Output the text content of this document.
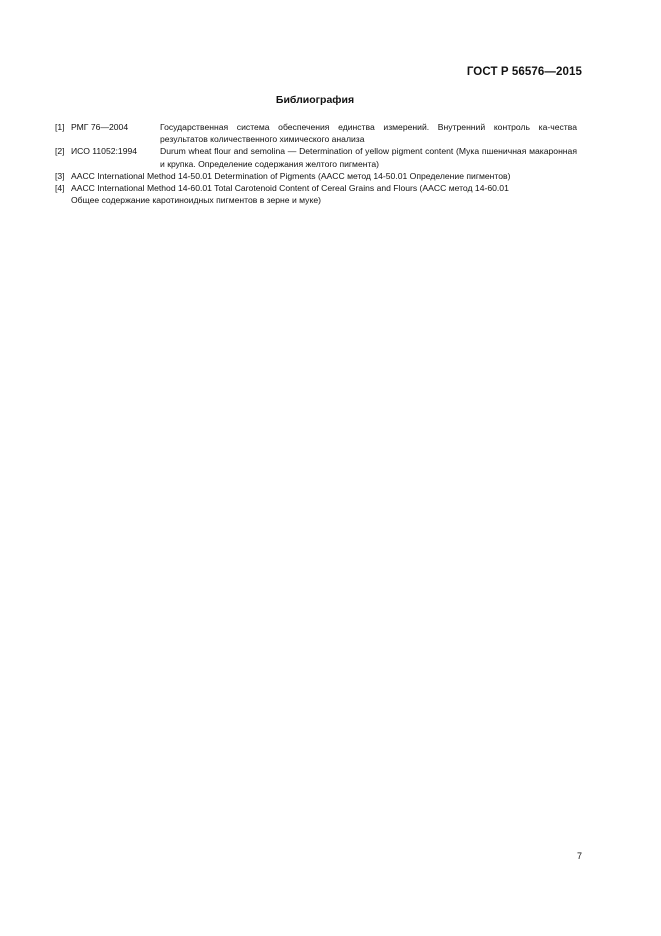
ГОСТ Р 56576—2015
Библиография
[1] РМГ 76—2004	Государственная система обеспечения единства измерений. Внутренний контроль ка-чества результатов количественного химического анализа
[2] ИСО 11052:1994	Durum wheat flour and semolina — Determination of yellow pigment content (Мука пшеничная макаронная и крупка. Определение содержания желтого пигмента)
[3] AACC International Method 14-50.01 Determination of Pigments (AACC метод 14-50.01 Определение пигментов)
[4] AACC International Method 14-60.01 Total Carotenoid Content of Cereal Grains and Flours (AACC метод 14-60.01
Общее содержание каротиноидных пигментов в зерне и муке)
7
